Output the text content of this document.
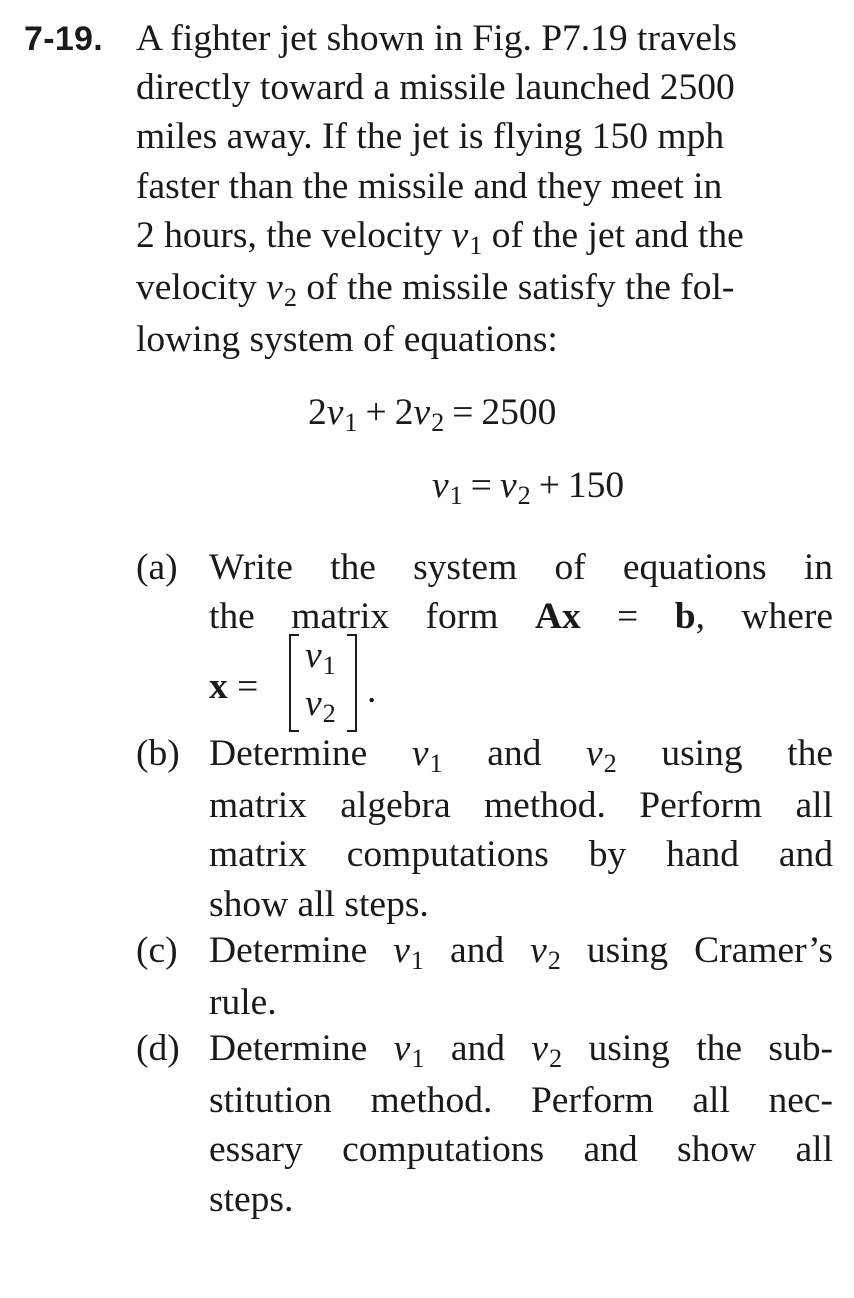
7-19. A fighter jet shown in Fig. P7.19 travels
directly toward a missile launched 2500
miles away. If the jet is flying 150 mph
faster than the missile and they meet in
2 hours, the velocity v1 of the jet and the
velocity v2 of the missile satisfy the fol-
lowing system of equations:
2v1 + 2v2 = 2500
v1 = v2 + 150
(a) Write the system of equations in
the matrix form Ax = b, where
x =
v1
v2
.
(b) Determine v1 and v2 using the
matrix algebra method. Perform all
matrix computations by hand and
show all steps.
(c) Determine v1 and v2 using Cramer’s
rule.
(d) Determine v1 and v2 using the sub-
stitution method. Perform all nec-
essary computations and show all
steps.
